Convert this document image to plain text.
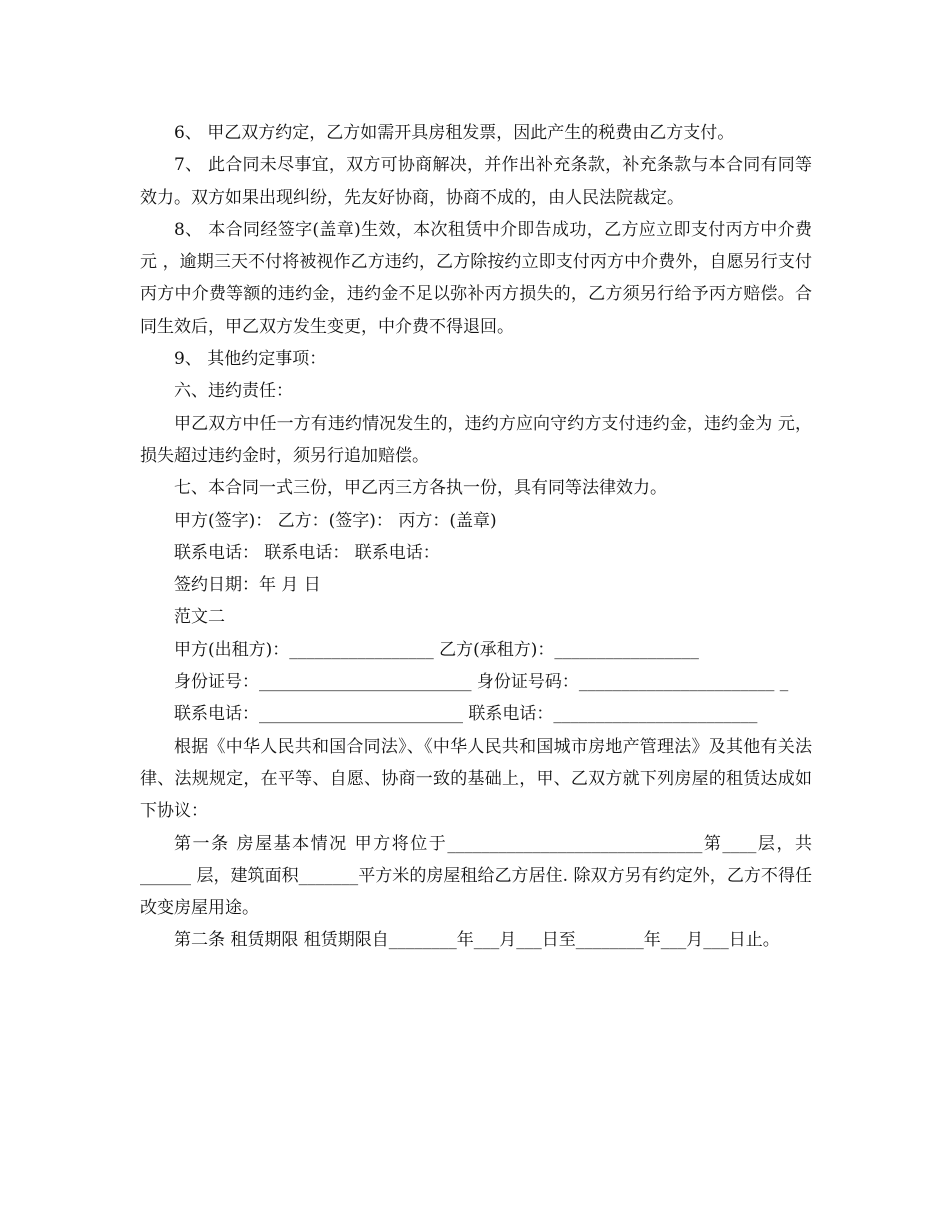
6、 甲乙双方约定，乙方如需开具房租发票，因此产生的税费由乙方支付。

7、 此合同未尽事宜，双方可协商解决，并作出补充条款，补充条款与本合同有同等效力。双方如果出现纠纷，先友好协商，协商不成的，由人民法院裁定。

8、 本合同经签字(盖章)生效，本次租赁中介即告成功，乙方应立即支付丙方中介费 元 ，逾期三天不付将被视作乙方违约，乙方除按约立即支付丙方中介费外，自愿另行支付丙方中介费等额的违约金，违约金不足以弥补丙方损失的，乙方须另行给予丙方赔偿。合同生效后，甲乙双方发生变更，中介费不得退回。

9、 其他约定事项：

六、违约责任：

甲乙双方中任一方有违约情况发生的，违约方应向守约方支付违约金，违约金为 元，损失超过违约金时，须另行追加赔偿。

七、本合同一式三份，甲乙丙三方各执一份，具有同等法律效力。

甲方(签字)： 乙方：(签字)： 丙方：(盖章)

联系电话： 联系电话： 联系电话：

签约日期：年 月 日

范文二

甲方(出租方)：_________________ 乙方(承租方)：_________________

身份证号：_________________________ 身份证号码：_______________________ _

联系电话：________________________ 联系电话：________________________

根据《中华人民共和国合同法》、《中华人民共和国城市房地产管理法》及其他有关法律、法规规定，在平等、自愿、协商一致的基础上，甲、乙双方就下列房屋的租赁达成如下协议：

第一条 房屋基本情况 甲方将位于______________________________第____层，共______ 层，建筑面积_______平方米的房屋租给乙方居住. 除双方另有约定外，乙方不得任改变房屋用途。

第二条 租赁期限 租赁期限自________年___月___日至________年___月___日止。
